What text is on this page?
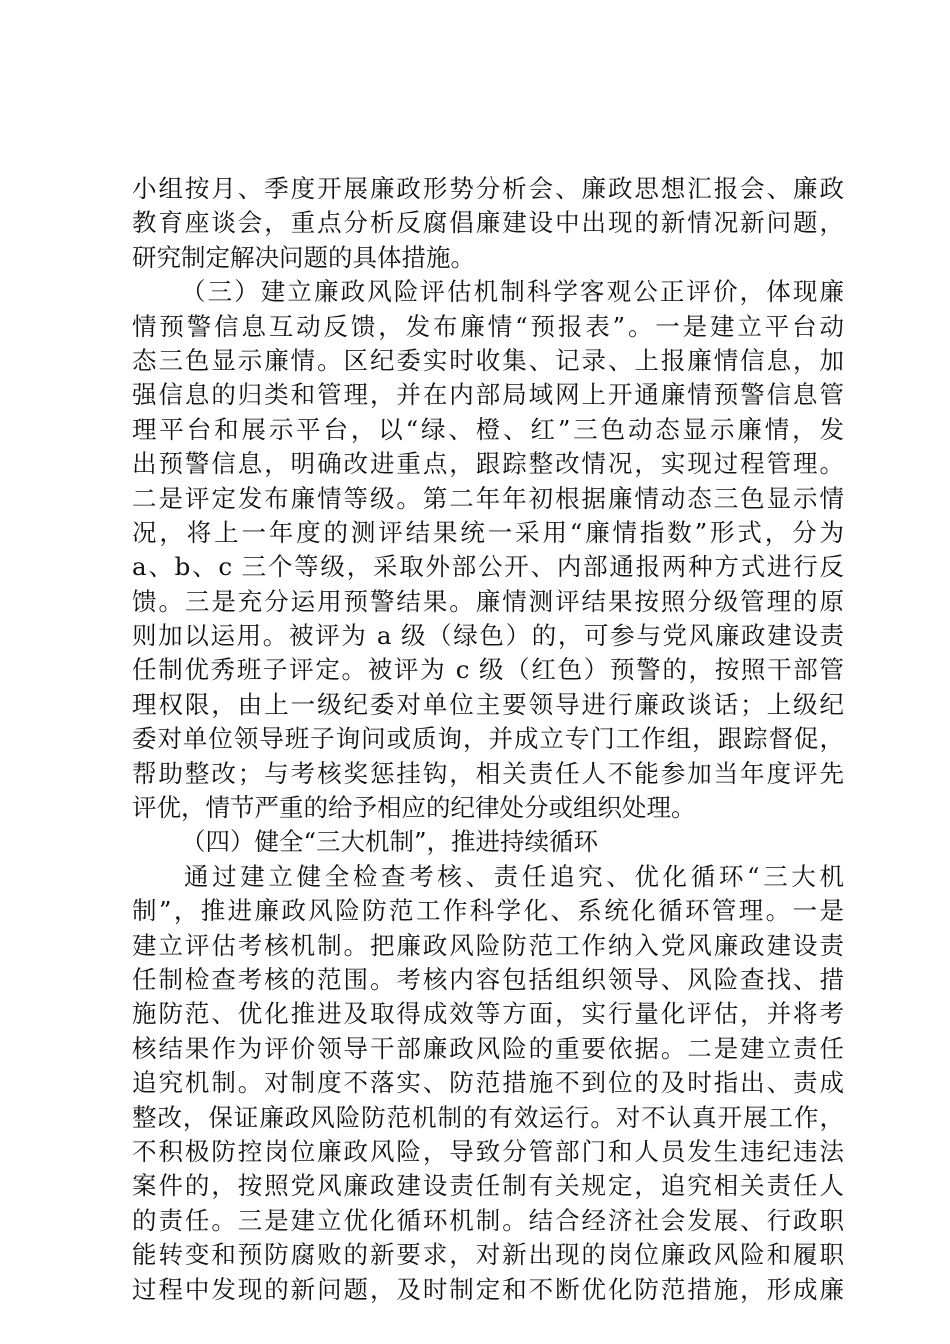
小组按月、季度开展廉政形势分析会、廉政思想汇报会、廉政
教育座谈会，重点分析反腐倡廉建设中出现的新情况新问题，
研究制定解决问题的具体措施。
（三）建立廉政风险评估机制科学客观公正评价，体现廉
情预警信息互动反馈，发布廉情“预报表”。一是建立平台动
态三色显示廉情。区纪委实时收集、记录、上报廉情信息，加
强信息的归类和管理，并在内部局域网上开通廉情预警信息管
理平台和展示平台，以“绿、橙、红”三色动态显示廉情，发
出预警信息，明确改进重点，跟踪整改情况，实现过程管理。
二是评定发布廉情等级。第二年年初根据廉情动态三色显示情
况，将上一年度的测评结果统一采用“廉情指数”形式，分为
a、b、c 三个等级，采取外部公开、内部通报两种方式进行反
馈。三是充分运用预警结果。廉情测评结果按照分级管理的原
则加以运用。被评为 a 级（绿色）的，可参与党风廉政建设责
任制优秀班子评定。被评为 c 级（红色）预警的，按照干部管
理权限，由上一级纪委对单位主要领导进行廉政谈话；上级纪
委对单位领导班子询问或质询，并成立专门工作组，跟踪督促，
帮助整改；与考核奖惩挂钩，相关责任人不能参加当年度评先
评优，情节严重的给予相应的纪律处分或组织处理。
（四）健全“三大机制”，推进持续循环
通过建立健全检查考核、责任追究、优化循环“三大机
制”，推进廉政风险防范工作科学化、系统化循环管理。一是
建立评估考核机制。把廉政风险防范工作纳入党风廉政建设责
任制检查考核的范围。考核内容包括组织领导、风险查找、措
施防范、优化推进及取得成效等方面，实行量化评估，并将考
核结果作为评价领导干部廉政风险的重要依据。二是建立责任
追究机制。对制度不落实、防范措施不到位的及时指出、责成
整改，保证廉政风险防范机制的有效运行。对不认真开展工作，
不积极防控岗位廉政风险，导致分管部门和人员发生违纪违法
案件的，按照党风廉政建设责任制有关规定，追究相关责任人
的责任。三是建立优化循环机制。结合经济社会发展、行政职
能转变和预防腐败的新要求，对新出现的岗位廉政风险和履职
过程中发现的新问题，及时制定和不断优化防范措施，形成廉
